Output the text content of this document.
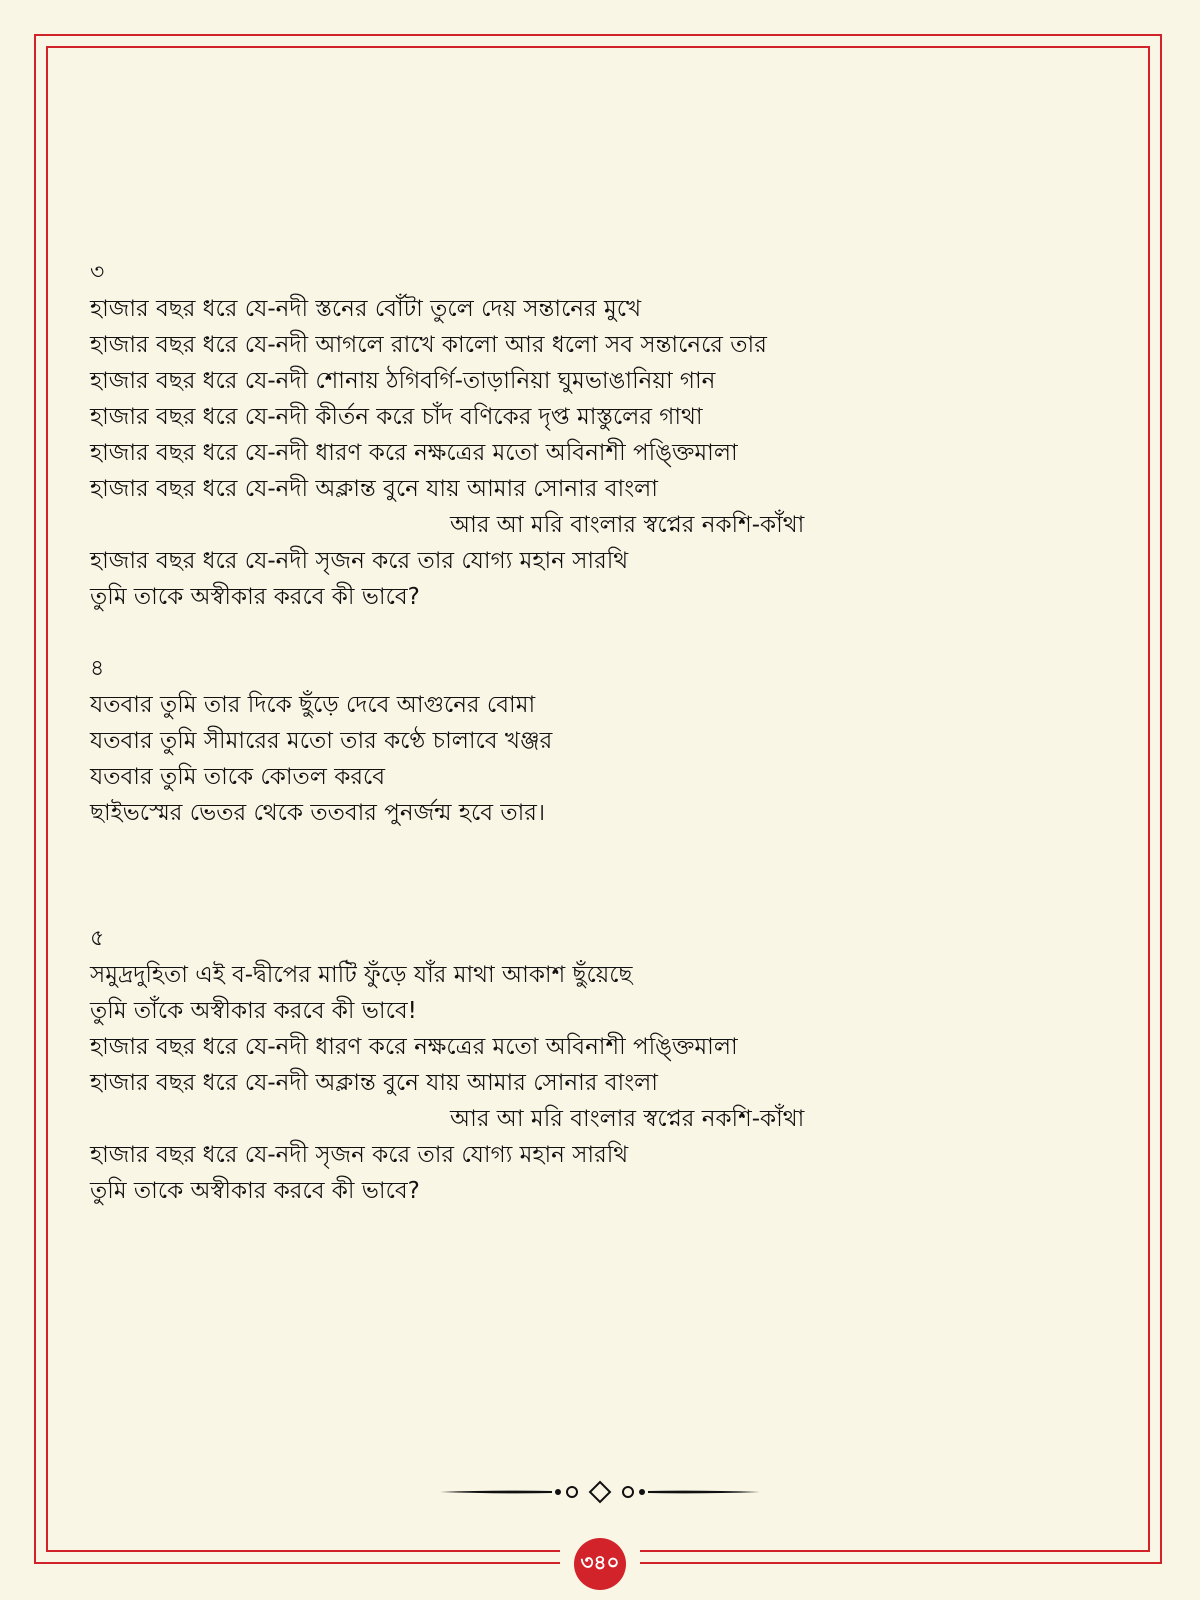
৩
হাজার বছর ধরে যে-নদী স্তনের বোঁটা তুলে দেয় সন্তানের মুখে
হাজার বছর ধরে যে-নদী আগলে রাখে কালো আর ধলো সব সন্তানেরে তার
হাজার বছর ধরে যে-নদী শোনায় ঠগিবর্গি-তাড়ানিয়া ঘুমভাঙানিয়া গান
হাজার বছর ধরে যে-নদী কীর্তন করে চাঁদ বণিকের দৃপ্ত মাস্তুলের গাথা
হাজার বছর ধরে যে-নদী ধারণ করে নক্ষত্রের মতো অবিনাশী পঙ্ক্তিমালা
হাজার বছর ধরে যে-নদী অক্লান্ত বুনে যায় আমার সোনার বাংলা
আর আ মরি বাংলার স্বপ্নের নকশি-কাঁথা
হাজার বছর ধরে যে-নদী সৃজন করে তার যোগ্য মহান সারথি
তুমি তাকে অস্বীকার করবে কী ভাবে?
৪
যতবার তুমি তার দিকে ছুঁড়ে দেবে আগুনের বোমা
যতবার তুমি সীমারের মতো তার কণ্ঠে চালাবে খঞ্জর
যতবার তুমি তাকে কোতল করবে
ছাইভস্মের ভেতর থেকে ততবার পুনর্জন্ম হবে তার।
৫
সমুদ্রদুহিতা এই ব-দ্বীপের মাটি ফুঁড়ে যাঁর মাথা আকাশ ছুঁয়েছে
তুমি তাঁকে অস্বীকার করবে কী ভাবে!
হাজার বছর ধরে যে-নদী ধারণ করে নক্ষত্রের মতো অবিনাশী পঙ্ক্তিমালা
হাজার বছর ধরে যে-নদী অক্লান্ত বুনে যায় আমার সোনার বাংলা
আর আ মরি বাংলার স্বপ্নের নকশি-কাঁথা
হাজার বছর ধরে যে-নদী সৃজন করে তার যোগ্য মহান সারথি
তুমি তাকে অস্বীকার করবে কী ভাবে?
৩৪০
